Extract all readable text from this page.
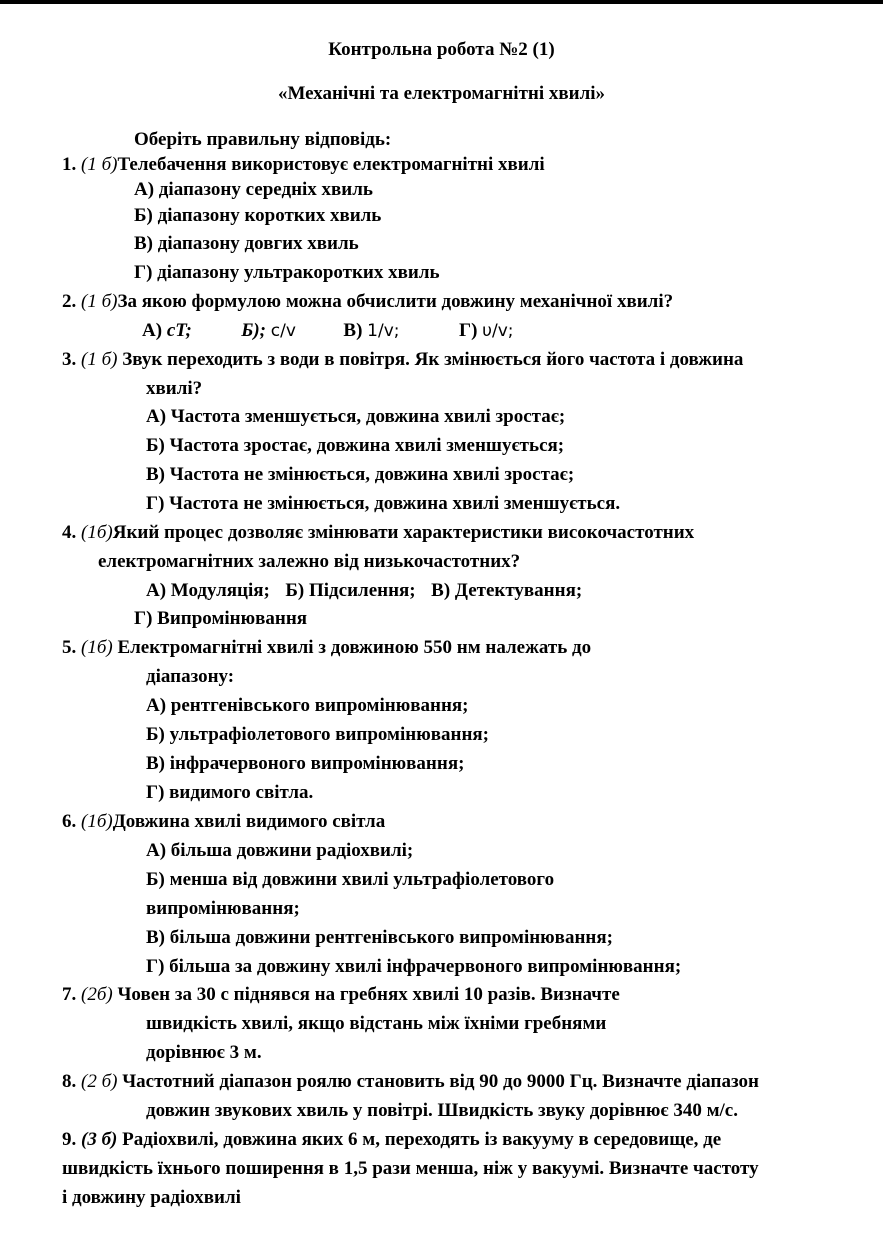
Контрольна робота №2 (1)
«Механічні та електромагнітні хвилі»
Оберіть правильну відповідь:
1. (1 б)Телебачення використовує електромагнітні хвилі
А) діапазону середніх хвиль
Б) діапазону коротких хвиль
В) діапазону довгих хвиль
Г) діапазону ультракоротких хвиль
2. (1 б)За якою формулою можна обчислити довжину механічної хвилі?
А) cT;	Б); c/v	В) 1/v;	Г) υ/v;
3. (1 б) Звук переходить з води в повітря. Як змінюється його частота і довжина
хвилі?
А) Частота зменшується, довжина хвилі зростає;
Б) Частота зростає, довжина хвилі зменшується;
В) Частота не змінюється, довжина хвилі зростає;
Г) Частота не змінюється, довжина хвилі зменшується.
4. (1б)Який процес дозволяє змінювати характеристики високочастотних
електромагнітних залежно від низькочастотних?
А) Модуляція; Б) Підсилення; В) Детектування;
Г) Випромінювання
5. (1б) Електромагнітні хвилі з довжиною 550 нм належать до
діапазону:
А) рентгенівського випромінювання;
Б) ультрафіолетового випромінювання;
В) інфрачервоного випромінювання;
Г) видимого світла.
6. (1б)Довжина хвилі видимого світла
А) більша довжини радіохвилі;
Б) менша від довжини хвилі ультрафіолетового
випромінювання;
В) більша довжини рентгенівського випромінювання;
Г) більша за довжину хвилі інфрачервоного випромінювання;
7. (2б) Човен за 30 с піднявся на гребнях хвилі 10 разів. Визначте
швидкість хвилі, якщо відстань між їхніми гребнями
дорівнює 3 м.
8. (2 б) Частотний діапазон роялю становить від 90 до 9000 Гц. Визначте діапазон
довжин звукових хвиль у повітрі. Швидкість звуку дорівнює 340 м/с.
9. (3 б) Радіохвилі, довжина яких 6 м, переходять із вакууму в середовище, де
швидкість їхнього поширення в 1,5 рази менша, ніж у вакуумі. Визначте частоту
і довжину радіохвилі
